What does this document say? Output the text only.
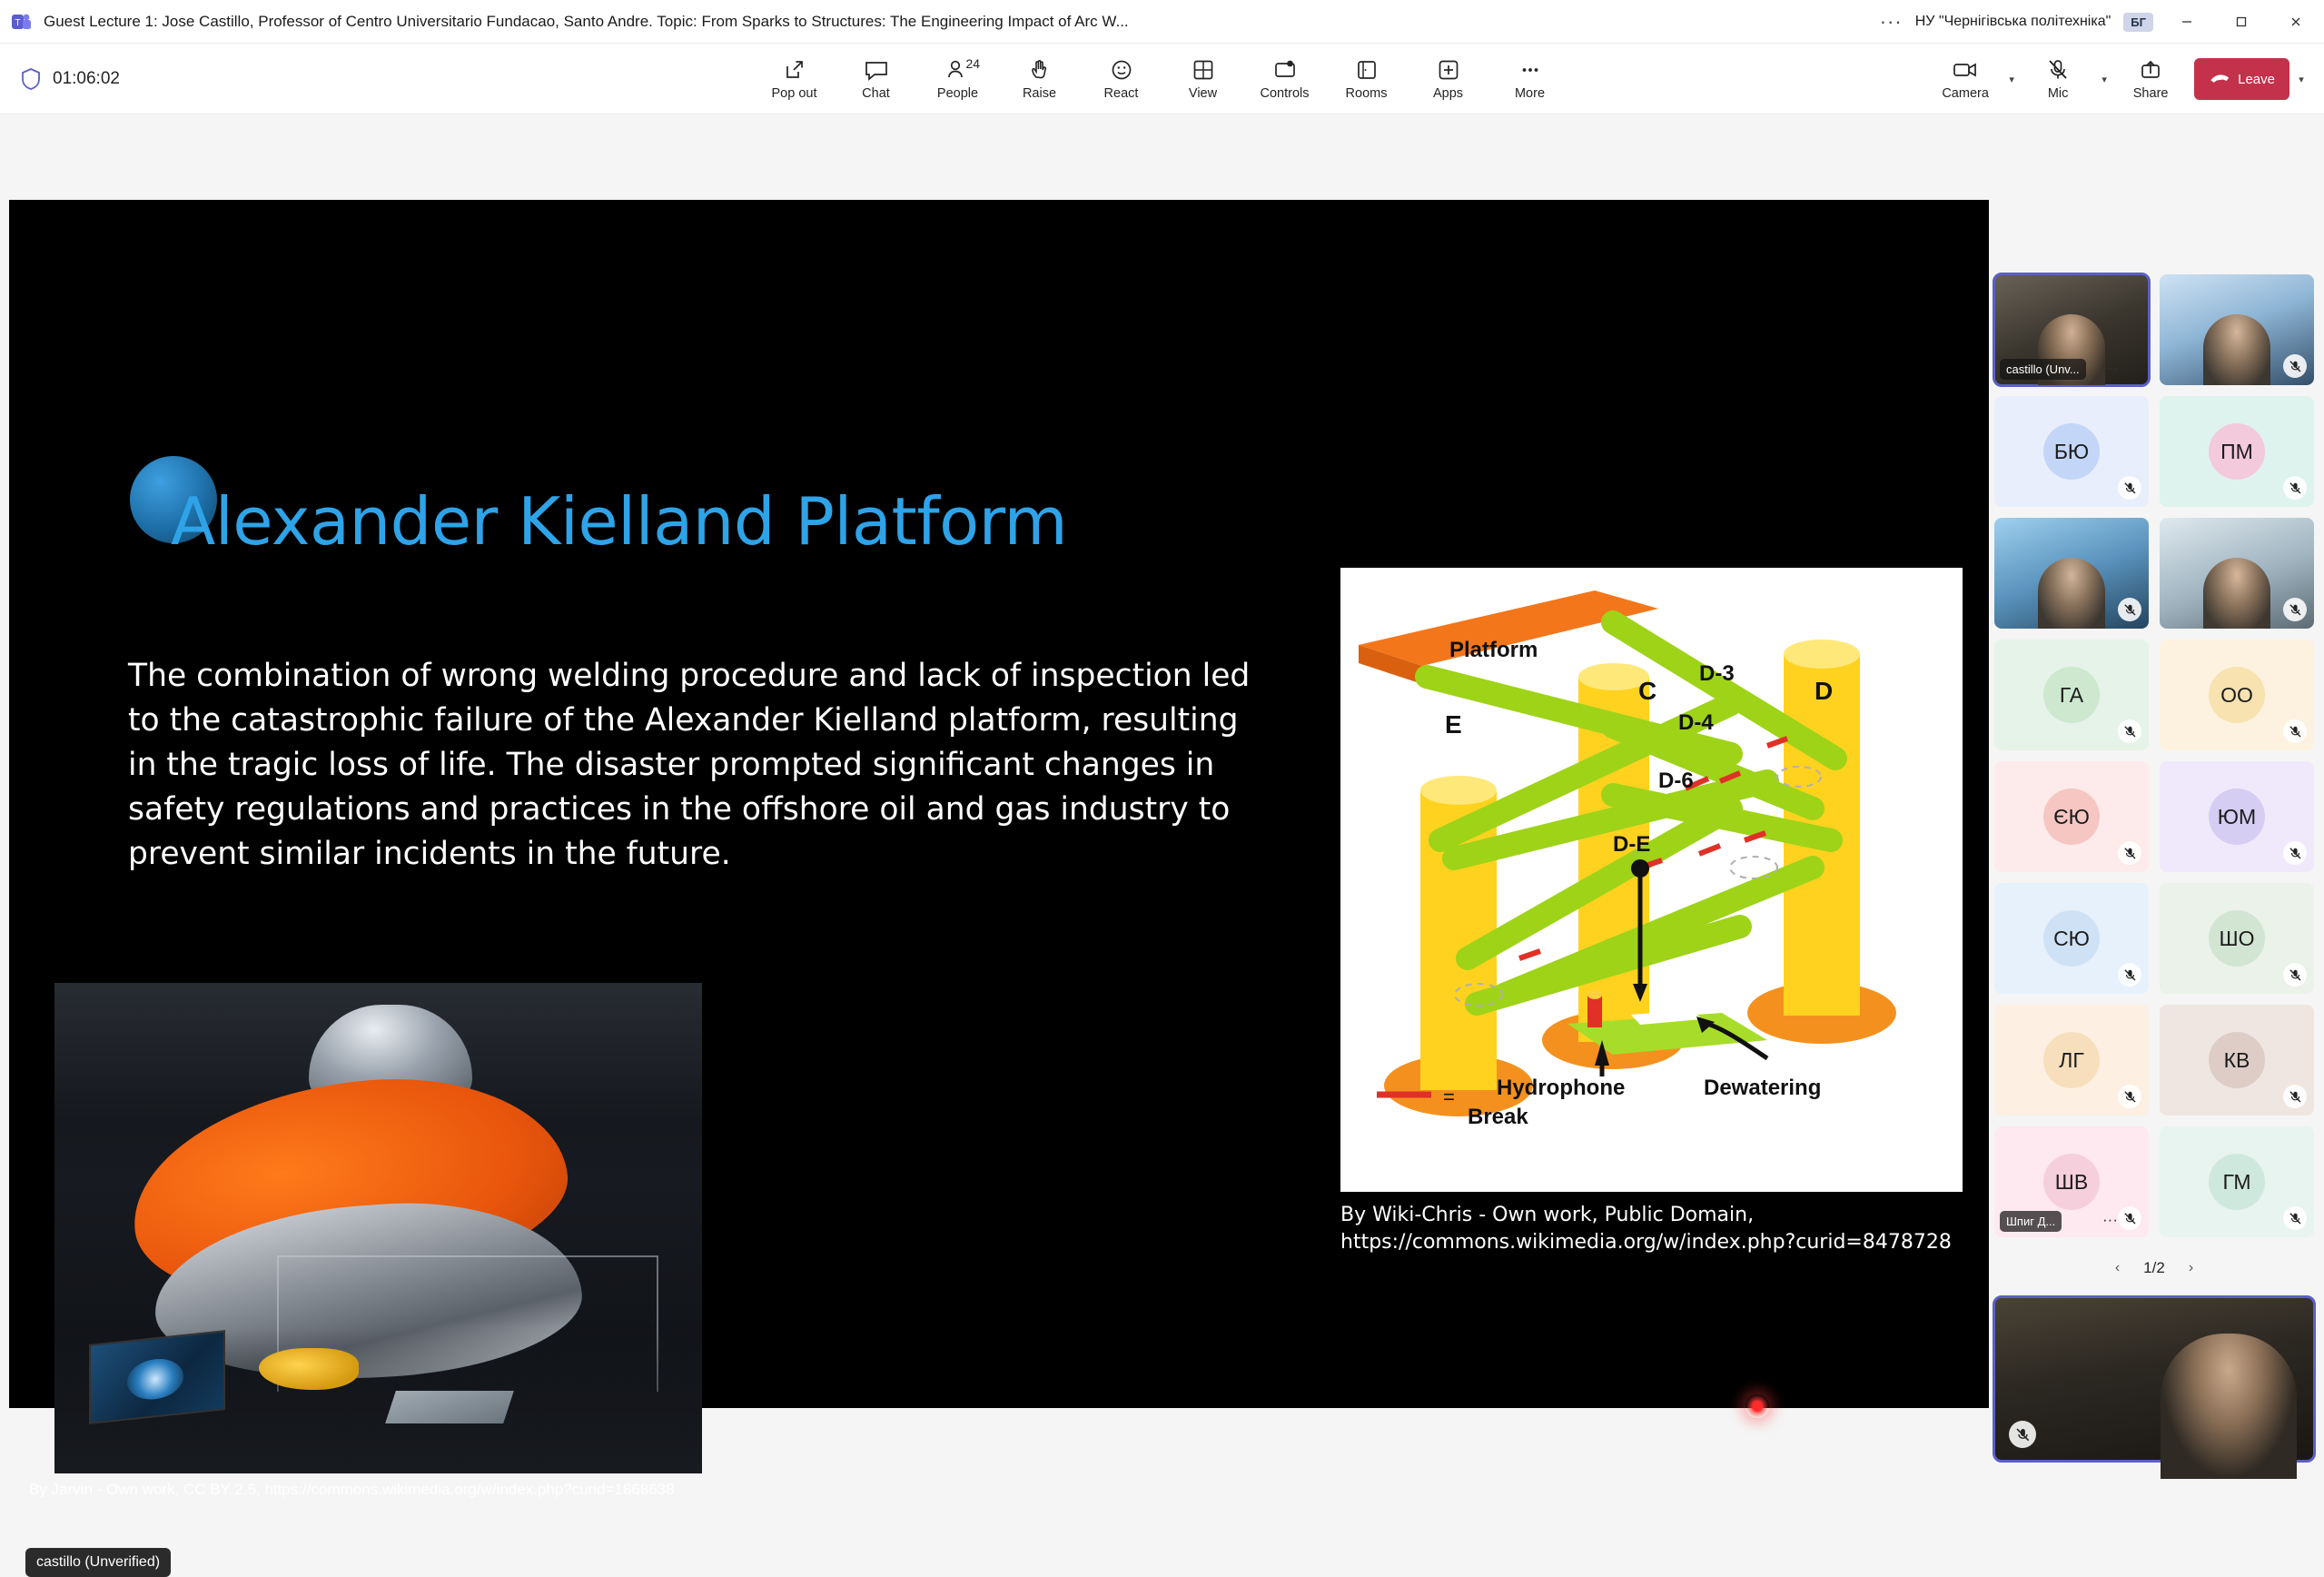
T Guest Lecture 1: Jose Castillo, Professor of Centro Universitario Fundacao, Santo Andre. Topic: From Sparks to Structures: The Engineering Impact of Arc W...	··· НУ "Чернігівська політехніка"	БГ
01:06:02
Pop out	Chat
24
People	Raise	React	View	Controls	Rooms	Apps	More	Camera
▾
Mic
▾
Share
Leave	▾
Alexander Kielland Platform
The combination of wrong welding procedure and lack of inspection led to the catastrophic failure of the Alexander Kielland platform, resulting in the tragic loss of life. The disaster prompted significant changes in safety regulations and practices in the offshore oil and gas industry to prevent similar incidents in the future.
By Jarvin - Own work, CC BY 2.5, https://commons.wikimedia.org/w/index.php?curid=1868638
Platform
D-3
C
D-4
D
E
D-6
D-E
Hydrophone	Dewatering
=
Break
By Wiki-Chris - Own work, Public Domain, https://commons.wikimedia.org/w/index.php?curid=8478728
castillo (Unverified)
castillo (Unv...	···
БЮ	ПМ
ГА	ОО
ЄЮ	ЮМ
СЮ	ШО
ЛГ	КВ
ШВ
Шпиг Д...	···
ГМ
‹ 1/2 ›
